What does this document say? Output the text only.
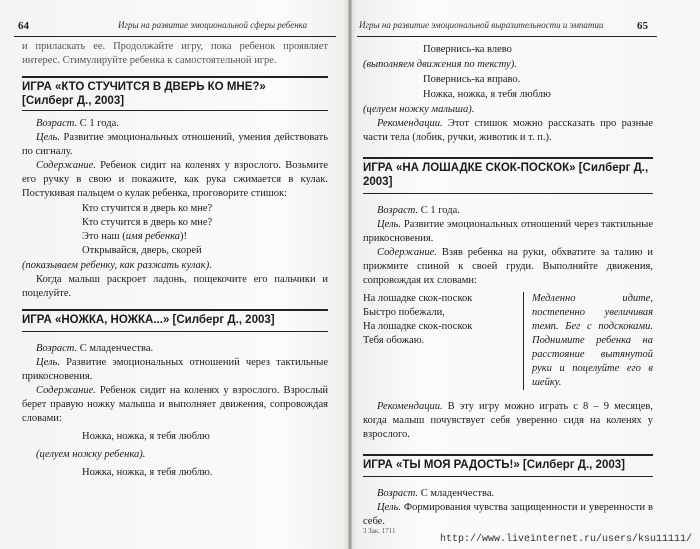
64	Игры на развитие эмоциональной сферы ребенка

и приласкать ее. Продолжайте игру, пока ребенок проявляет интерес. Стимулируйте ребенка к самостоятельной игре.

ИГРА «КТО СТУЧИТСЯ В ДВЕРЬ КО МНЕ?»
[Силберг Д., 2003]

Возраст. С 1 года.

Цель. Развитие эмоциональных отношений, умения действовать по сигналу.

Содержание. Ребенок сидит на коленях у взрослого. Возьмите его ручку в свою и покажите, как рука сжимается в кулак. Постукивая пальцем о кулак ребенка, проговорите стишок:

Кто стучится в дверь ко мне?
Кто стучится в дверь ко мне?
Это наш (имя ребенка)!
Открывайся, дверь, скорей

(показываем ребенку, как разжать кулак).

Когда малыш раскроет ладонь, пощекочите его пальчики и поцелуйте.

ИГРА «НОЖКА, НОЖКА...» [Силберг Д., 2003]

Возраст. С младенчества.

Цель. Развитие эмоциональных отношений через тактильные прикосновения.

Содержание. Ребенок сидит на коленях у взрослого. Взрослый берет правую ножку малыша и выполняет движения, сопровождая словами:

Ножка, ножка, я тебя люблю

(целуем ножку ребенка).

Ножка, ножка, я тебя люблю.
Игры на развитие эмоциональной выразительности и эмпатии	65
Повернись-ка влево

(выполняем движения по тексту).

Повернись-ка вправо.
Ножка, ножка, я тебя люблю

(целуем ножку малыша).

Рекомендации. Этот стишок можно рассказать про разные части тела (лобик, ручки, животик и т. п.).

ИГРА «НА ЛОШАДКЕ СКОК-ПОСКОК» [Силберг Д., 2003]

Возраст. С 1 года.

Цель. Развитие эмоциональных отношений через тактильные прикосновения.

Содержание. Взяв ребенка на руки, обхватите за талию и прижмите спиной к своей груди. Выполняйте движения, сопровождая их словами:

На лошадке скок-поскок
Быстро побежали,
На лошадке скок-поскок
Тебя обожаю.
Медленно идите, постепенно увеличивая темп. Бег с подскоками. Поднимите ребенка на расстояние вытянутой руки и поцелуйте его в шейку.

Рекомендации. В эту игру можно играть с 8 – 9 месяцев, когда малыш почувствует себя уверенно сидя на коленях у взрослого.

ИГРА «ТЫ МОЯ РАДОСТЬ!» [Силберг Д., 2003]

Возраст. С младенчества.

Цель. Формирования чувства защищенности и уверенности в себе.

3 Зак. 1711
http://www.liveinternet.ru/users/ksu11111/
